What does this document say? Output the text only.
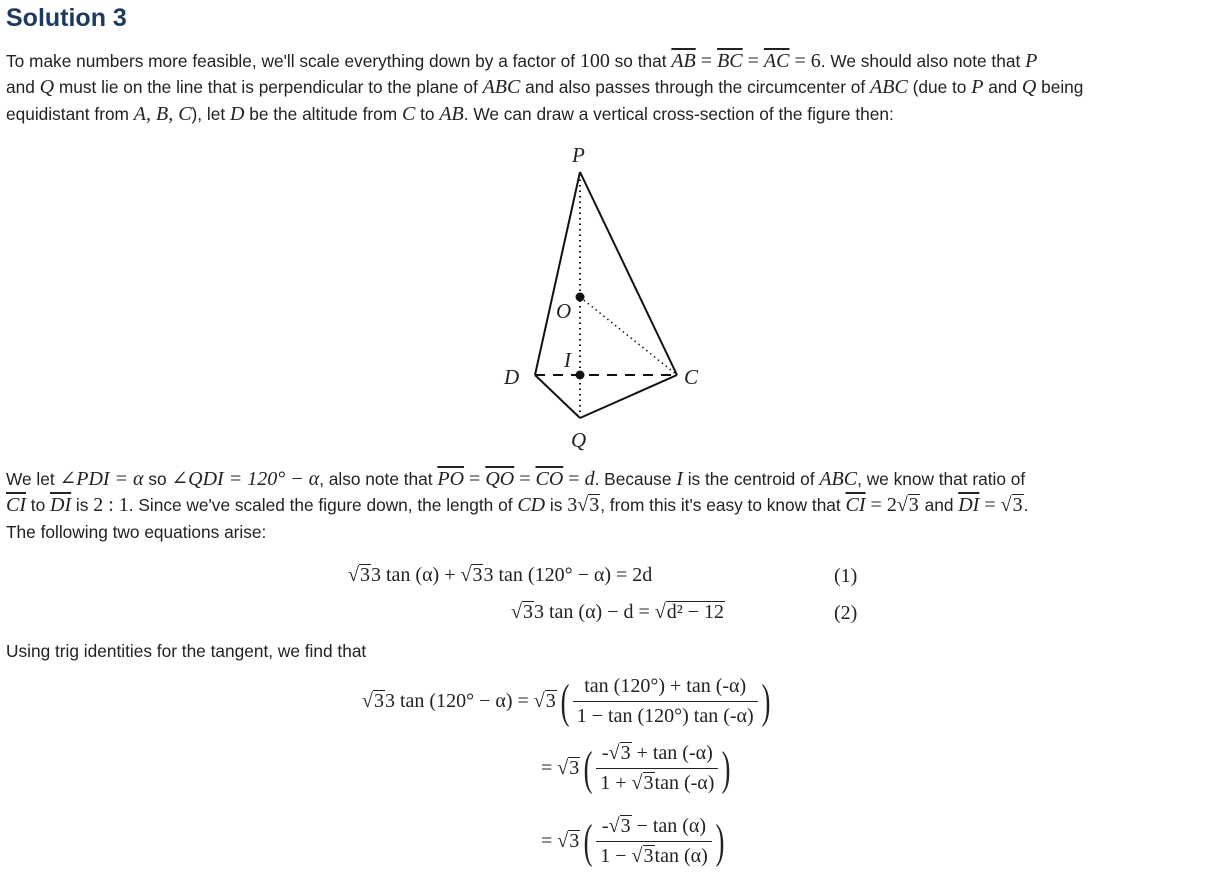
Solution 3

To make numbers more feasible, we'll scale everything down by a factor of 100 so that $\overline{AB} = \overline{BC} = \overline{AC} = 6$. We should also note that P
and Q must lie on the line that is perpendicular to the plane of ABC and also passes through the circumcenter of ABC (due to P and Q being
equidistant from A, B, C), let D be the altitude from C to AB. We can draw a vertical cross-section of the figure then:

P
O
I
D	C
Q

We let ∠PDI = α so ∠QDI = 120° − α, also note that $\overline{PO} = \overline{QO} = \overline{CO} = d$. Because I is the centroid of ABC, we know that ratio of
$\overline{CI}$ to $\overline{DI}$ is 2 : 1. Since we've scaled the figure down, the length of CD is 3√3, from this it's easy to know that $\overline{CI} = 2√3$ and $\overline{DI} = √3$.
The following two equations arise:

√33 tan (α) + √33 tan (120° − α) = 2d	(1)
√33 tan (α) − d = √d² − 12	(2)

Using trig identities for the tangent, we find that

√33 $\tan (120^\circ - \alpha) = √3( \frac{\tan (120^\circ) + \tan (-\alpha)}{1 - \tan (120^\circ) \tan (-\alpha)}$ )
= $√3( \frac{-√3 + \tan (-\alpha)}{1 + √3\tan (-\alpha)}$ )
= $√3( \frac{-√3 - \tan (\alpha)}{1 - √3\tan (\alpha)}$ )
